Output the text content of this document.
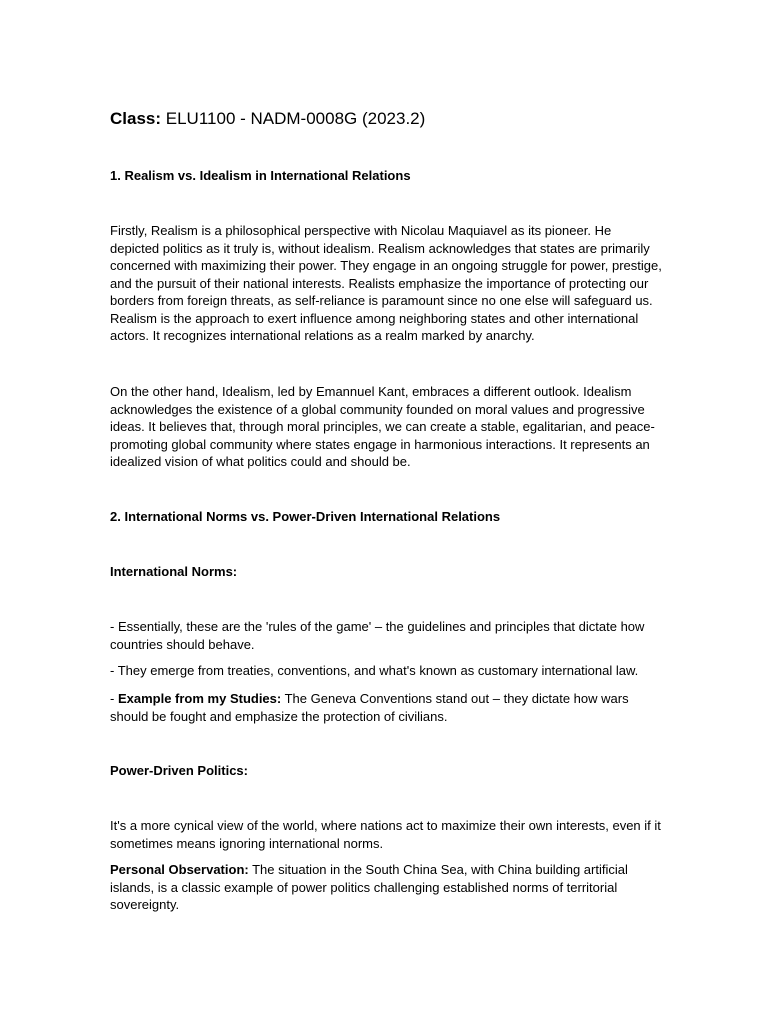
Class: ELU1100 - NADM-0008G (2023.2)
1. Realism vs. Idealism in International Relations

Firstly, Realism is a philosophical perspective with Nicolau Maquiavel as its pioneer. He depicted politics as it truly is, without idealism. Realism acknowledges that states are primarily concerned with maximizing their power. They engage in an ongoing struggle for power, prestige, and the pursuit of their national interests. Realists emphasize the importance of protecting our borders from foreign threats, as self-reliance is paramount since no one else will safeguard us. Realism is the approach to exert influence among neighboring states and other international actors. It recognizes international relations as a realm marked by anarchy.

On the other hand, Idealism, led by Emannuel Kant, embraces a different outlook. Idealism acknowledges the existence of a global community founded on moral values and progressive ideas. It believes that, through moral principles, we can create a stable, egalitarian, and peace-promoting global community where states engage in harmonious interactions. It represents an idealized vision of what politics could and should be.

2. International Norms vs. Power-Driven International Relations
International Norms:

- Essentially, these are the 'rules of the game' – the guidelines and principles that dictate how countries should behave.

- They emerge from treaties, conventions, and what's known as customary international law.

- Example from my Studies: The Geneva Conventions stand out – they dictate how wars should be fought and emphasize the protection of civilians.

Power-Driven Politics:

It's a more cynical view of the world, where nations act to maximize their own interests, even if it sometimes means ignoring international norms.

Personal Observation: The situation in the South China Sea, with China building artificial islands, is a classic example of power politics challenging established norms of territorial sovereignty.
